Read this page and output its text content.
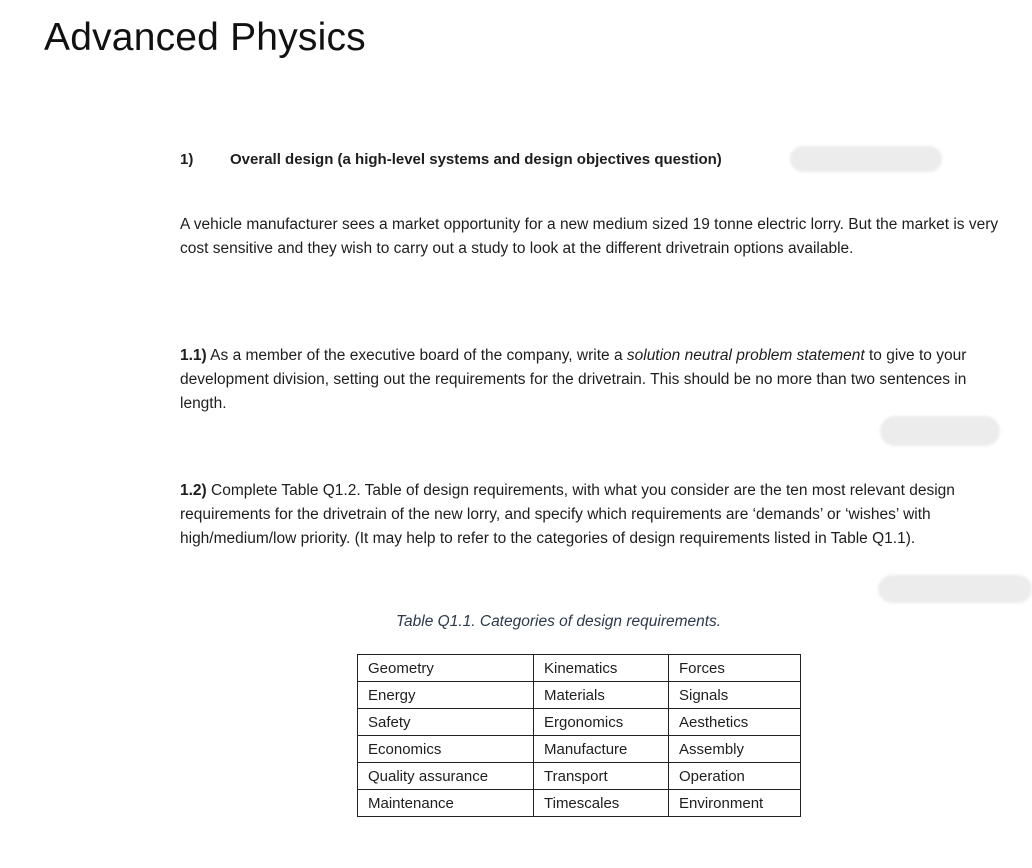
Advanced Physics
1) Overall design (a high-level systems and design objectives question)

A vehicle manufacturer sees a market opportunity for a new medium sized 19 tonne electric lorry. But the market is very cost sensitive and they wish to carry out a study to look at the different drivetrain options available.

1.1) As a member of the executive board of the company, write a solution neutral problem statement to give to your development division, setting out the requirements for the drivetrain. This should be no more than two sentences in length.

1.2) Complete Table Q1.2. Table of design requirements, with what you consider are the ten most relevant design requirements for the drivetrain of the new lorry, and specify which requirements are ‘demands’ or ‘wishes’ with high/medium/low priority. (It may help to refer to the categories of design requirements listed in Table Q1.1).

Table Q1.1. Categories of design requirements.
Geometry	Kinematics	Forces
Energy	Materials	Signals
Safety	Ergonomics	Aesthetics
Economics	Manufacture	Assembly
Quality assurance	Transport	Operation
Maintenance	Timescales	Environment
